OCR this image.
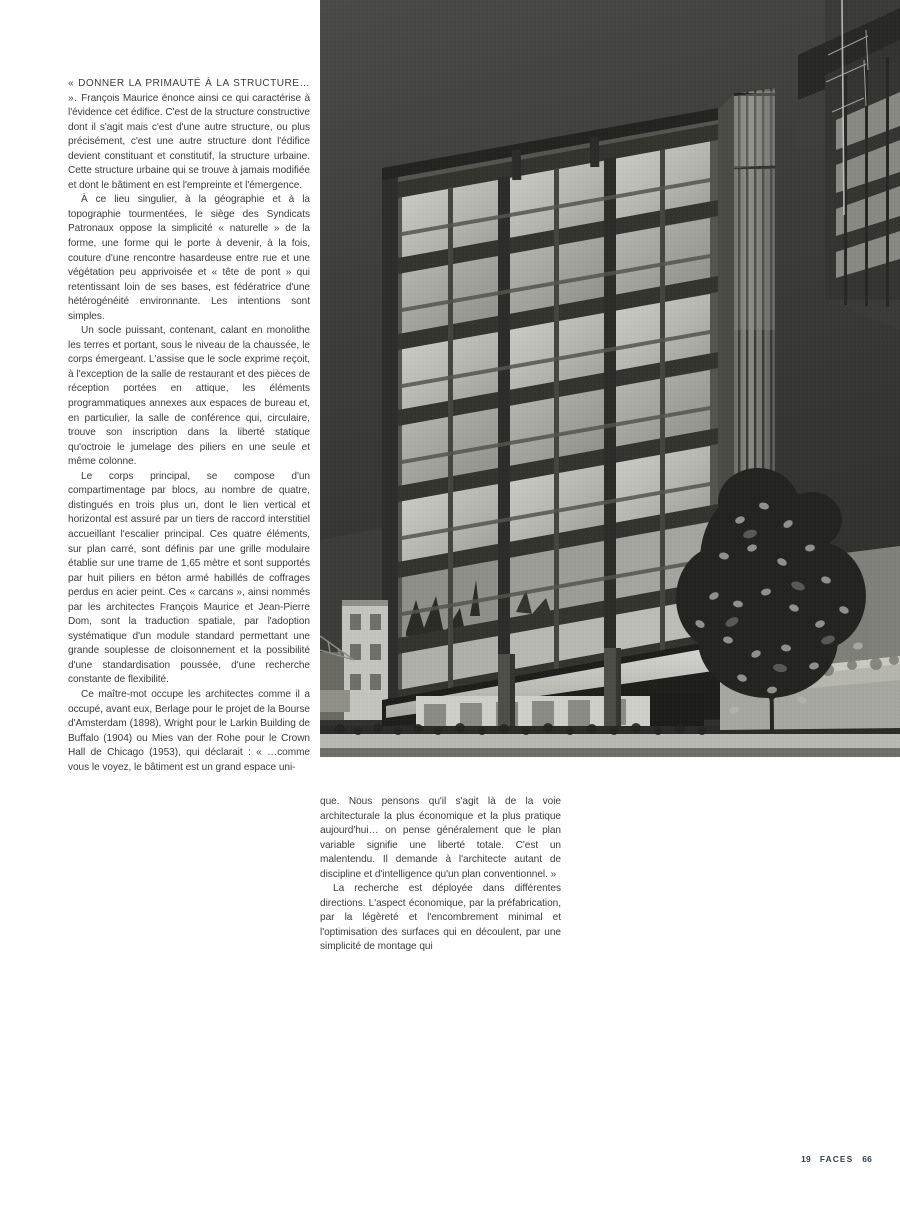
« DONNER LA PRIMAUTÉ À LA STRUCTURE… ». François Maurice énonce ainsi ce qui caractérise à l'évidence cet édifice. C'est de la structure constructive dont il s'agit mais c'est d'une autre structure, ou plus précisément, c'est une autre structure dont l'édifice devient constituant et constitutif, la structure urbaine. Cette structure urbaine qui se trouve à jamais modifiée et dont le bâtiment en est l'empreinte et l'émergence.

À ce lieu singulier, à la géographie et à la topographie tourmentées, le siège des Syndicats Patronaux oppose la simplicité « naturelle » de la forme, une forme qui le porte à devenir, à la fois, couture d'une rencontre hasardeuse entre rue et une végétation peu apprivoisée et « tête de pont » qui retentissant loin de ses bases, est fédératrice d'une hétérogénéité environnante. Les intentions sont simples.

Un socle puissant, contenant, calant en monolithe les terres et portant, sous le niveau de la chaussée, le corps émergeant. L'assise que le socle exprime reçoit, à l'exception de la salle de restaurant et des pièces de réception portées en attique, les éléments programmatiques annexes aux espaces de bureau et, en particulier, la salle de conférence qui, circulaire, trouve son inscription dans la liberté statique qu'octroie le jumelage des piliers en une seule et même colonne.

Le corps principal, se compose d'un compartimentage par blocs, au nombre de quatre, distingués en trois plus un, dont le lien vertical et horizontal est assuré par un tiers de raccord interstitiel accueillant l'escalier principal. Ces quatre éléments, sur plan carré, sont définis par une grille modulaire établie sur une trame de 1,65 mètre et sont supportés par huit piliers en béton armé habillés de coffrages perdus en acier peint. Ces « carcans », ainsi nommés par les architectes François Maurice et Jean-Pierre Dom, sont la traduction spatiale, par l'adoption systématique d'un module standard permettant une grande souplesse de cloisonnement et la possibilité d'une standardisation poussée, d'une recherche constante de flexibilité.

Ce maître-mot occupe les architectes comme il a occupé, avant eux, Berlage pour le projet de la Bourse d'Amsterdam (1898), Wright pour le Larkin Building de Buffalo (1904) ou Mies van der Rohe pour le Crown Hall de Chicago (1953), qui déclarait : « …comme vous le voyez, le bâtiment est un grand espace uni-

que. Nous pensons qu'il s'agit là de la voie architecturale la plus économique et la plus pratique aujourd'hui… on pense généralement que le plan variable signifie une liberté totale. C'est un malentendu. Il demande à l'architecte autant de discipline et d'intelligence qu'un plan conventionnel. »

La recherche est déployée dans différentes directions. L'aspect économique, par la préfabrication, par la légèreté et l'encombrement minimal et l'optimisation des surfaces qui en découlent, par une simplicité de montage qui

19 FACES 66
